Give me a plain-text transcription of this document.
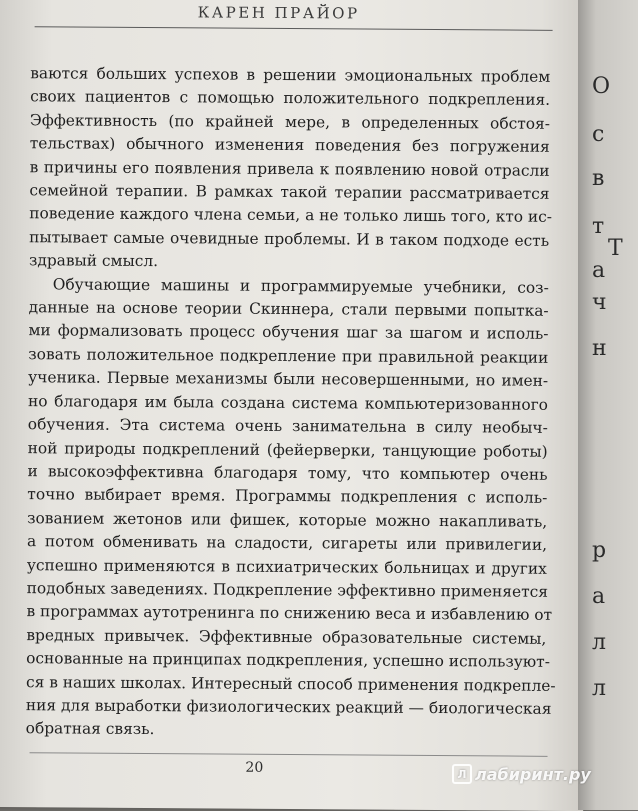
КАРЕН ПРАЙОР

ваются больших успехов в решении эмоциональных проблем
своих пациентов с помощью положительного подкрепления.
Эффективность (по крайней мере, в определенных обстоя-
тельствах) обычного изменения поведения без погружения
в причины его появления привела к появлению новой отрасли
семейной терапии. В рамках такой терапии рассматривается
поведение каждого члена семьи, а не только лишь того, кто ис-
пытывает самые очевидные проблемы. И в таком подходе есть
здравый смысл.

Обучающие машины и программируемые учебники, соз-
данные на основе теории Скиннера, стали первыми попытка-
ми формализовать процесс обучения шаг за шагом и исполь-
зовать положительное подкрепление при правильной реакции
ученика. Первые механизмы были несовершенными, но имен-
но благодаря им была создана система компьютеризованного
обучения. Эта система очень занимательна в силу необыч-
ной природы подкреплений (фейерверки, танцующие роботы)
и высокоэффективна благодаря тому, что компьютер очень
точно выбирает время. Программы подкрепления с исполь-
зованием жетонов или фишек, которые можно накапливать,
а потом обменивать на сладости, сигареты или привилегии,
успешно применяются в психиатрических больницах и других
подобных заведениях. Подкрепление эффективно применяется
в программах аутотренинга по снижению веса и избавлению от
вредных привычек. Эффективные образовательные системы,
основанные на принципах подкрепления, успешно используют-
ся в наших школах. Интересный способ применения подкрепле-
ния для выработки физиологических реакций — биологическая
обратная связь.

20
О
с
в
т
а
Т
ч
н
р
а
л
л
Л лабиринт.ру
